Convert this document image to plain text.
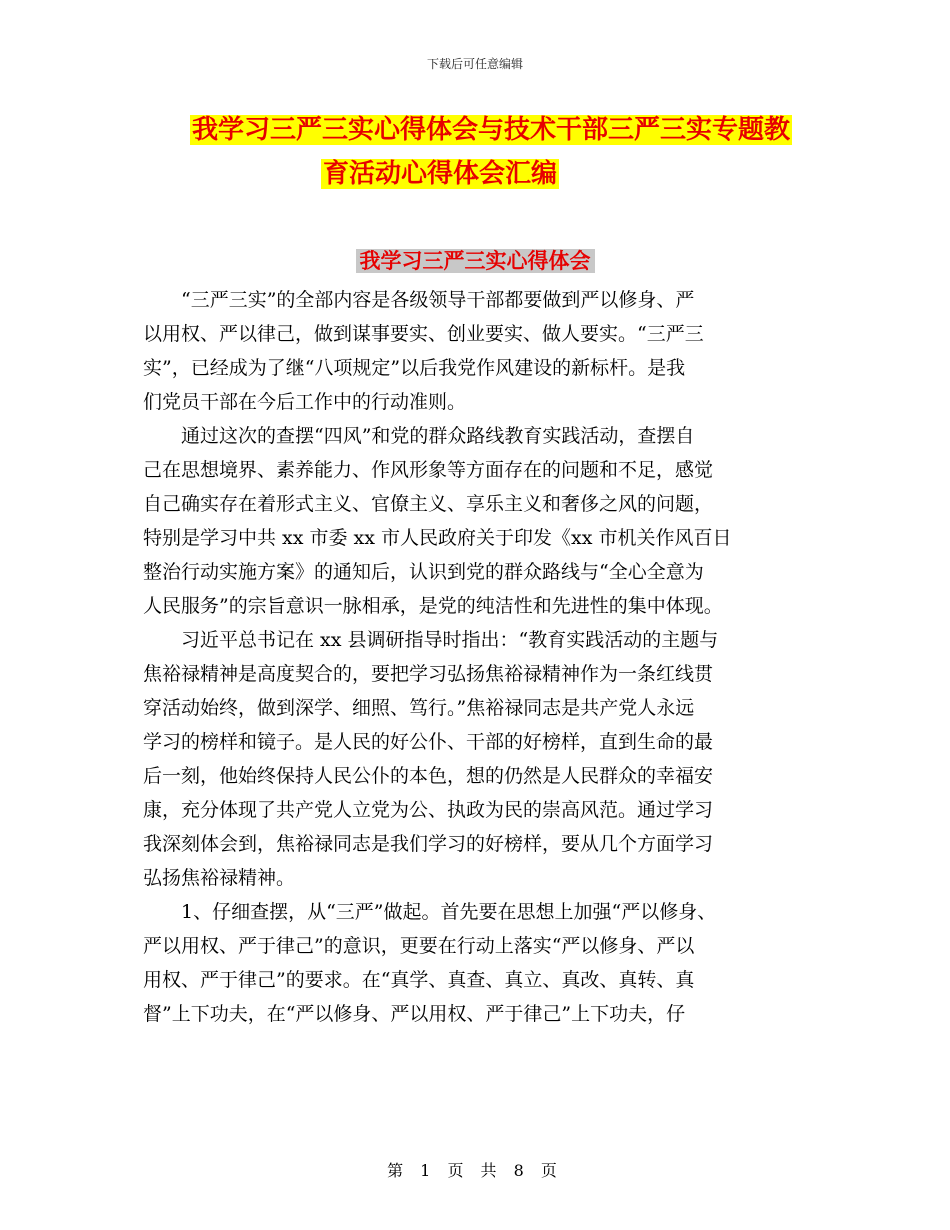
下载后可任意编辑
我学习三严三实心得体会与技术干部三严三实专题教
育活动心得体会汇编
我学习三严三实心得体会

“三严三实”的全部内容是各级领导干部都要做到严以修身、严
以用权、严以律己，做到谋事要实、创业要实、做人要实。“三严三
实”，已经成为了继“八项规定”以后我党作风建设的新标杆。是我
们党员干部在今后工作中的行动准则。

通过这次的查摆“四风”和党的群众路线教育实践活动，查摆自
己在思想境界、素养能力、作风形象等方面存在的问题和不足，感觉
自己确实存在着形式主义、官僚主义、享乐主义和奢侈之风的问题，
特别是学习中共 xx 市委 xx 市人民政府关于印发《xx 市机关作风百日
整治行动实施方案》的通知后，认识到党的群众路线与“全心全意为
人民服务”的宗旨意识一脉相承，是党的纯洁性和先进性的集中体现。

习近平总书记在 xx 县调研指导时指出：“教育实践活动的主题与
焦裕禄精神是高度契合的，要把学习弘扬焦裕禄精神作为一条红线贯
穿活动始终，做到深学、细照、笃行。”焦裕禄同志是共产党人永远
学习的榜样和镜子。是人民的好公仆、干部的好榜样，直到生命的最
后一刻，他始终保持人民公仆的本色，想的仍然是人民群众的幸福安
康，充分体现了共产党人立党为公、执政为民的崇高风范。通过学习
我深刻体会到，焦裕禄同志是我们学习的好榜样，要从几个方面学习
弘扬焦裕禄精神。

1、仔细查摆，从“三严”做起。首先要在思想上加强“严以修身、
严以用权、严于律己”的意识，更要在行动上落实“严以修身、严以
用权、严于律己”的要求。在“真学、真查、真立、真改、真转、真
督”上下功夫，在“严以修身、严以用权、严于律己”上下功夫，仔

第 1 页 共 8 页
